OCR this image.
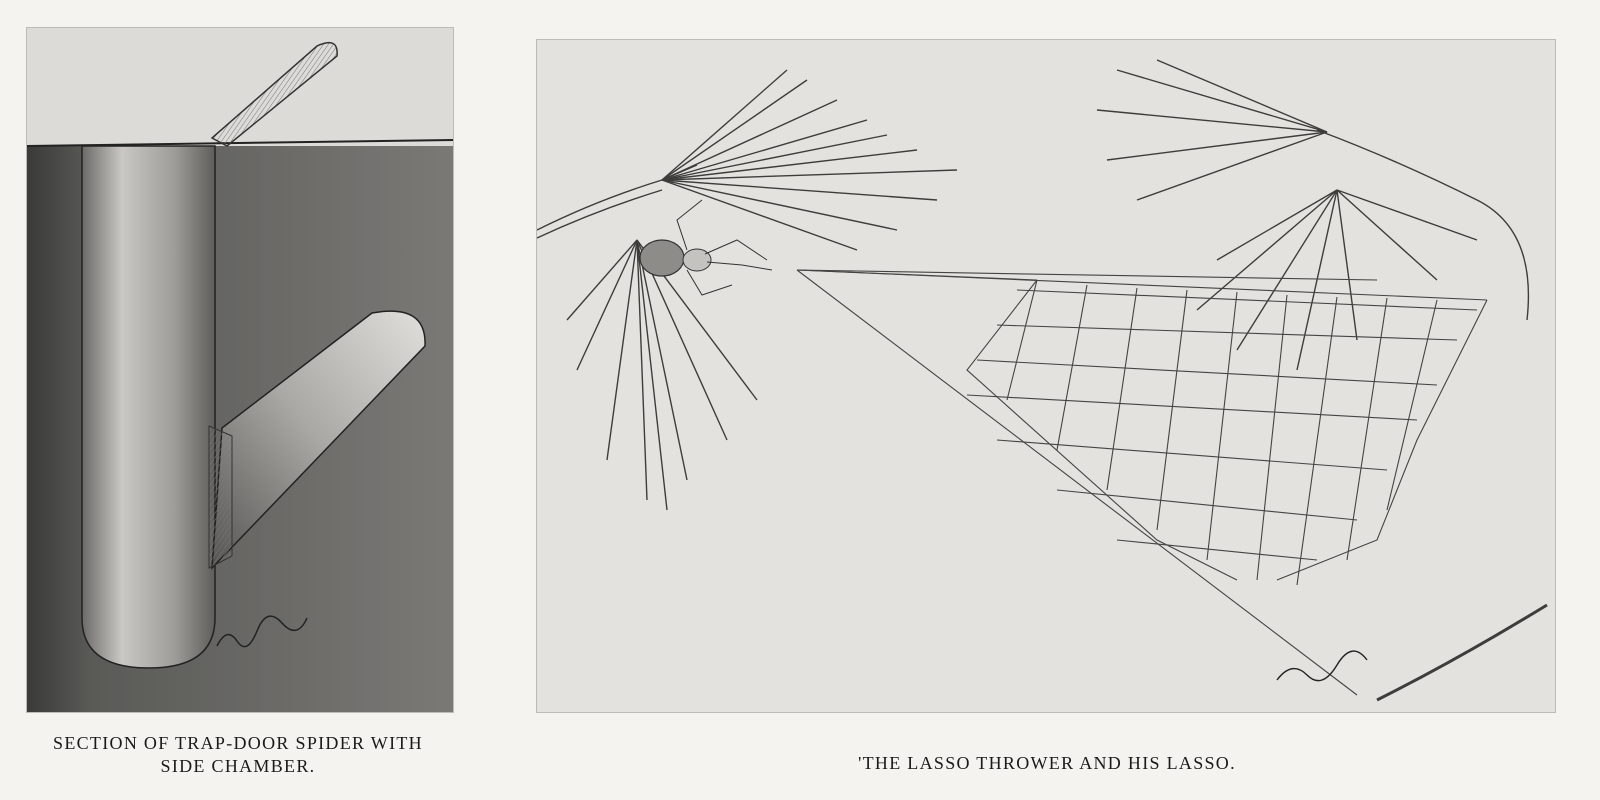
SECTION OF TRAP-DOOR SPIDER WITH
SIDE CHAMBER.	'THE LASSO THROWER AND HIS LASSO.
